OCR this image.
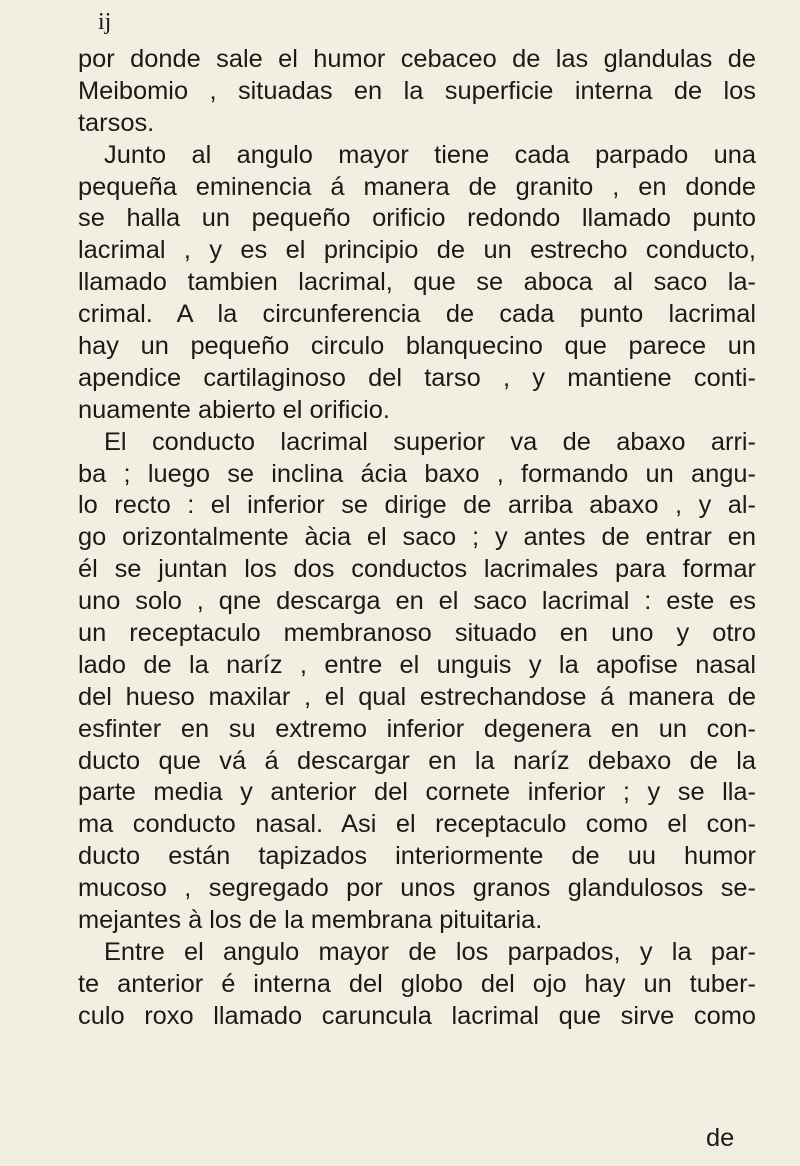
ij
por donde sale el humor cebaceo de las glandulas de
Meibomio , situadas en la superficie interna de los
tarsos.
Junto al angulo mayor tiene cada parpado una
pequeña eminencia á manera de granito , en donde
se halla un pequeño orificio redondo llamado punto
lacrimal , y es el principio de un estrecho conducto,
llamado tambien lacrimal, que se aboca al saco la-
crimal. A la circunferencia de cada punto lacrimal
hay un pequeño circulo blanquecino que parece un
apendice cartilaginoso del tarso , y mantiene conti-
nuamente abierto el orificio.
El conducto lacrimal superior va de abaxo arri-
ba ; luego se inclina ácia baxo , formando un angu-
lo recto : el inferior se dirige de arriba abaxo , y al-
go orizontalmente àcia el saco ; y antes de entrar en
él se juntan los dos conductos lacrimales para formar
uno solo , qne descarga en el saco lacrimal : este es
un receptaculo membranoso situado en uno y otro
lado de la naríz , entre el unguis y la apofise nasal
del hueso maxilar , el qual estrechandose á manera de
esfinter en su extremo inferior degenera en un con-
ducto que vá á descargar en la naríz debaxo de la
parte media y anterior del cornete inferior ; y se lla-
ma conducto nasal. Asi el receptaculo como el con-
ducto están tapizados interiormente de uu humor
mucoso , segregado por unos granos glandulosos se-
mejantes à los de la membrana pituitaria.
Entre el angulo mayor de los parpados, y la par-
te anterior é interna del globo del ojo hay un tuber-
culo roxo llamado caruncula lacrimal que sirve como
de
